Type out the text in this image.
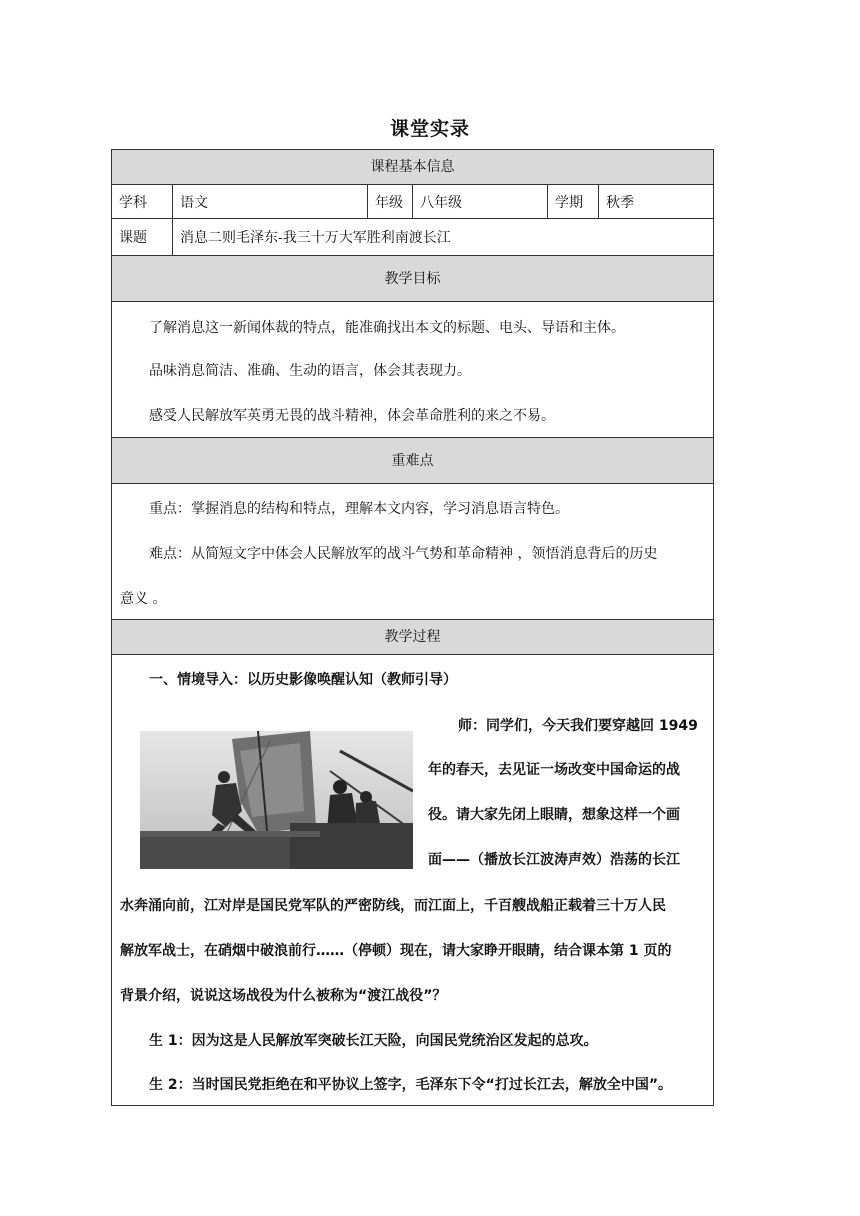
课堂实录
课程基本信息
学科	语文	年级	八年级	学期	秋季
课题	消息二则毛泽东-我三十万大军胜利南渡长江
教学目标
了解消息这一新闻体裁的特点，能准确找出本文的标题、电头、导语和主体。
品味消息简洁、准确、生动的语言，体会其表现力。
感受人民解放军英勇无畏的战斗精神，体会革命胜利的来之不易。
重难点
重点：掌握消息的结构和特点，理解本文内容，学习消息语言特色。
难点：从简短文字中体会人民解放军的战斗气势和革命精神 ，领悟消息背后的历史
意义 。
教学过程
一、情境导入：以历史影像唤醒认知（教师引导）
师：同学们，今天我们要穿越回 1949
年的春天，去见证一场改变中国命运的战
役。请大家先闭上眼睛，想象这样一个画
面——（播放长江波涛声效）浩荡的长江
水奔涌向前，江对岸是国民党军队的严密防线，而江面上，千百艘战船正载着三十万人民
解放军战士，在硝烟中破浪前行……（停顿）现在，请大家睁开眼睛，结合课本第 1 页的
背景介绍，说说这场战役为什么被称为“渡江战役”？
生 1：因为这是人民解放军突破长江天险，向国民党统治区发起的总攻。
生 2：当时国民党拒绝在和平协议上签字，毛泽东下令“打过长江去，解放全中国”。
